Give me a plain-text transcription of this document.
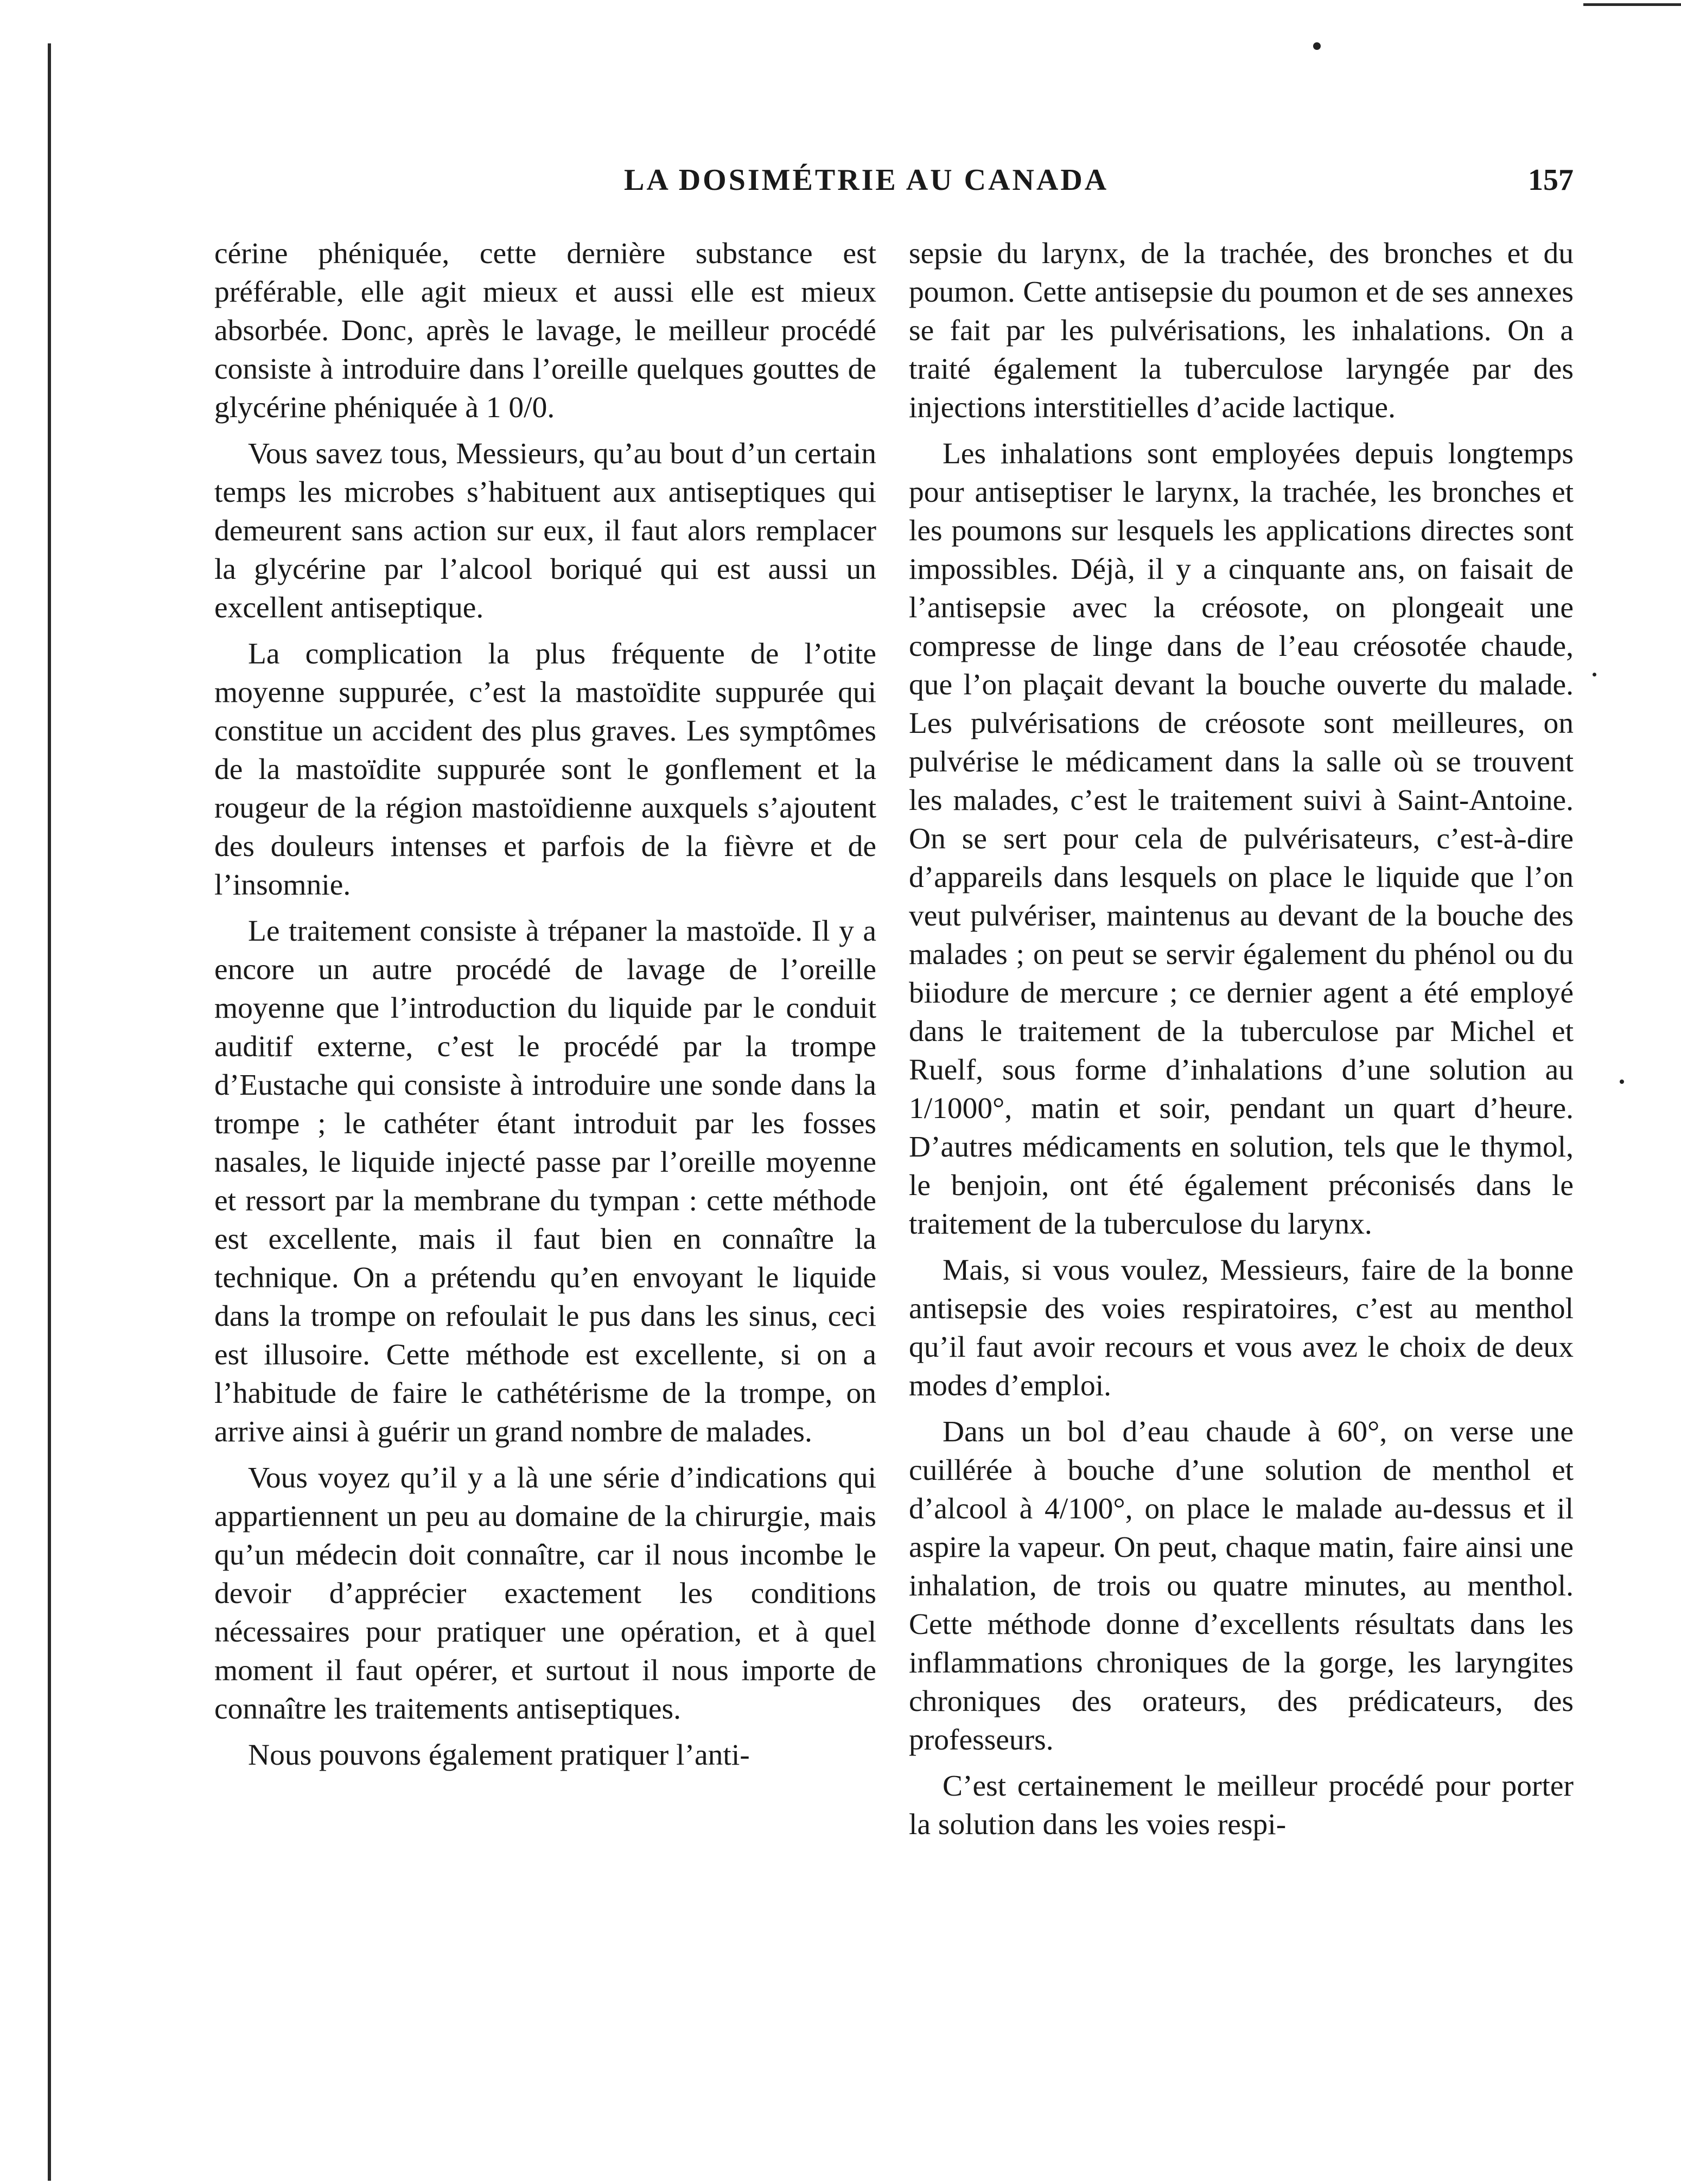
LA DOSIMÉTRIE AU CANADA	157

cérine phéniquée, cette dernière substance est préférable, elle agit mieux et aussi elle est mieux absorbée. Donc, après le lavage, le meilleur procédé consiste à introduire dans l’oreille quelques gouttes de glycérine phéniquée à 1 0/0.

Vous savez tous, Messieurs, qu’au bout d’un certain temps les microbes s’habituent aux antiseptiques qui demeurent sans action sur eux, il faut alors remplacer la glycérine par l’alcool boriqué qui est aussi un excellent antiseptique.

La complication la plus fréquente de l’otite moyenne suppurée, c’est la mastoïdite suppurée qui constitue un accident des plus graves. Les symptômes de la mastoïdite suppurée sont le gonflement et la rougeur de la région mastoïdienne auxquels s’ajoutent des douleurs intenses et parfois de la fièvre et de l’insomnie.

Le traitement consiste à trépaner la mastoïde. Il y a encore un autre procédé de lavage de l’oreille moyenne que l’introduction du liquide par le conduit auditif externe, c’est le procédé par la trompe d’Eustache qui consiste à introduire une sonde dans la trompe ; le cathéter étant introduit par les fosses nasales, le liquide injecté passe par l’oreille moyenne et ressort par la membrane du tympan : cette méthode est excellente, mais il faut bien en connaître la technique. On a prétendu qu’en envoyant le liquide dans la trompe on refoulait le pus dans les sinus, ceci est illusoire. Cette méthode est excellente, si on a l’habitude de faire le cathétérisme de la trompe, on arrive ainsi à guérir un grand nombre de malades.

Vous voyez qu’il y a là une série d’indications qui appartiennent un peu au domaine de la chirurgie, mais qu’un médecin doit connaître, car il nous incombe le devoir d’apprécier exactement les conditions nécessaires pour pratiquer une opération, et à quel moment il faut opérer, et surtout il nous importe de connaître les traitements antiseptiques.

Nous pouvons également pratiquer l’anti-

sepsie du larynx, de la trachée, des bronches et du poumon. Cette antisepsie du poumon et de ses annexes se fait par les pulvérisations, les inhalations. On a traité également la tuberculose laryngée par des injections interstitielles d’acide lactique.

Les inhalations sont employées depuis longtemps pour antiseptiser le larynx, la trachée, les bronches et les poumons sur lesquels les applications directes sont impossibles. Déjà, il y a cinquante ans, on faisait de l’antisepsie avec la créosote, on plongeait une compresse de linge dans de l’eau créosotée chaude, que l’on plaçait devant la bouche ouverte du malade. Les pulvérisations de créosote sont meilleures, on pulvérise le médicament dans la salle où se trouvent les malades, c’est le traitement suivi à Saint-Antoine. On se sert pour cela de pulvérisateurs, c’est-à-dire d’appareils dans lesquels on place le liquide que l’on veut pulvériser, maintenus au devant de la bouche des malades ; on peut se servir également du phénol ou du biiodure de mercure ; ce dernier agent a été employé dans le traitement de la tuberculose par Michel et Ruelf, sous forme d’inhalations d’une solution au 1/1000°, matin et soir, pendant un quart d’heure. D’autres médicaments en solution, tels que le thymol, le benjoin, ont été également préconisés dans le traitement de la tuberculose du larynx.

Mais, si vous voulez, Messieurs, faire de la bonne antisepsie des voies respiratoires, c’est au menthol qu’il faut avoir recours et vous avez le choix de deux modes d’emploi.

Dans un bol d’eau chaude à 60°, on verse une cuillérée à bouche d’une solution de menthol et d’alcool à 4/100°, on place le malade au-dessus et il aspire la vapeur. On peut, chaque matin, faire ainsi une inhalation, de trois ou quatre minutes, au menthol. Cette méthode donne d’excellents résultats dans les inflammations chroniques de la gorge, les laryngites chroniques des orateurs, des prédicateurs, des professeurs.

C’est certainement le meilleur procédé pour porter la solution dans les voies respi-
